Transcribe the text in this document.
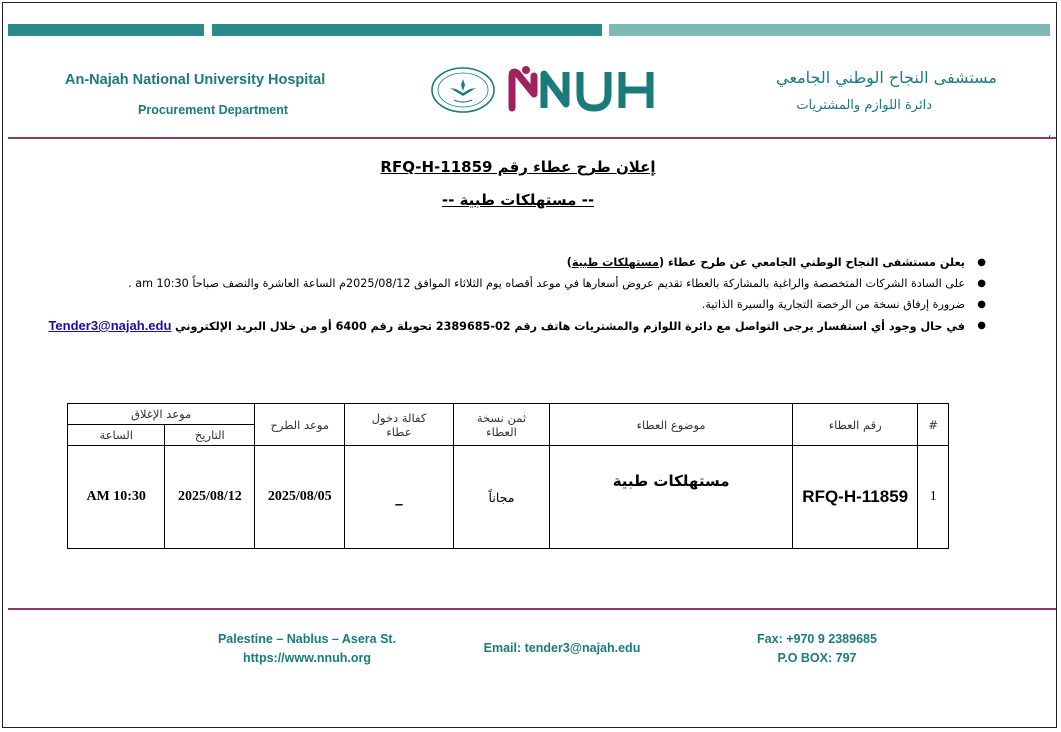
An-Najah National University Hospital
Procurement Department
مستشفى النجاح الوطني الجامعي
دائرة اللوازم والمشتريات
،
إعلان طرح عطاء رقم RFQ-H-11859
-- مستهلكات طبية --
●
يعلن مستشفى النجاح الوطني الجامعي عن طرح عطاء (مستهلكات طبية)
●
على السادة الشركات المتخصصة والراغبة بالمشاركة بالعطاء تقديم عروض أسعارها في موعد أقصاه يوم الثلاثاء الموافق 2025/08/12م الساعة العاشرة والنصف صباحاً am 10:30 .
●
ضرورة إرفاق نسخة من الرخصة التجارية والسيرة الذاتية.
●
في حال وجود أي استفسار يرجى التواصل مع دائرة اللوازم والمشتريات هاتف رقم 02-2389685 تحويلة رقم 6400 أو من خلال البريد الإلكتروني Tender3@najah.edu
#	رقم العطاء	موضوع العطاء	ثمن نسخة العطاء	كفالة دخول عطاء	موعد الطرح	موعد الإغلاق	
						التاريخ	الساعة
1	RFQ-H-11859	مستهلكات طبية	مجاناً	_	2025/08/05	2025/08/12	AM 10:30
Palestine – Nablus – Asera St.
https://www.nnuh.org
Email: tender3@najah.edu
Fax: +970 9 2389685
P.O BOX: 797
